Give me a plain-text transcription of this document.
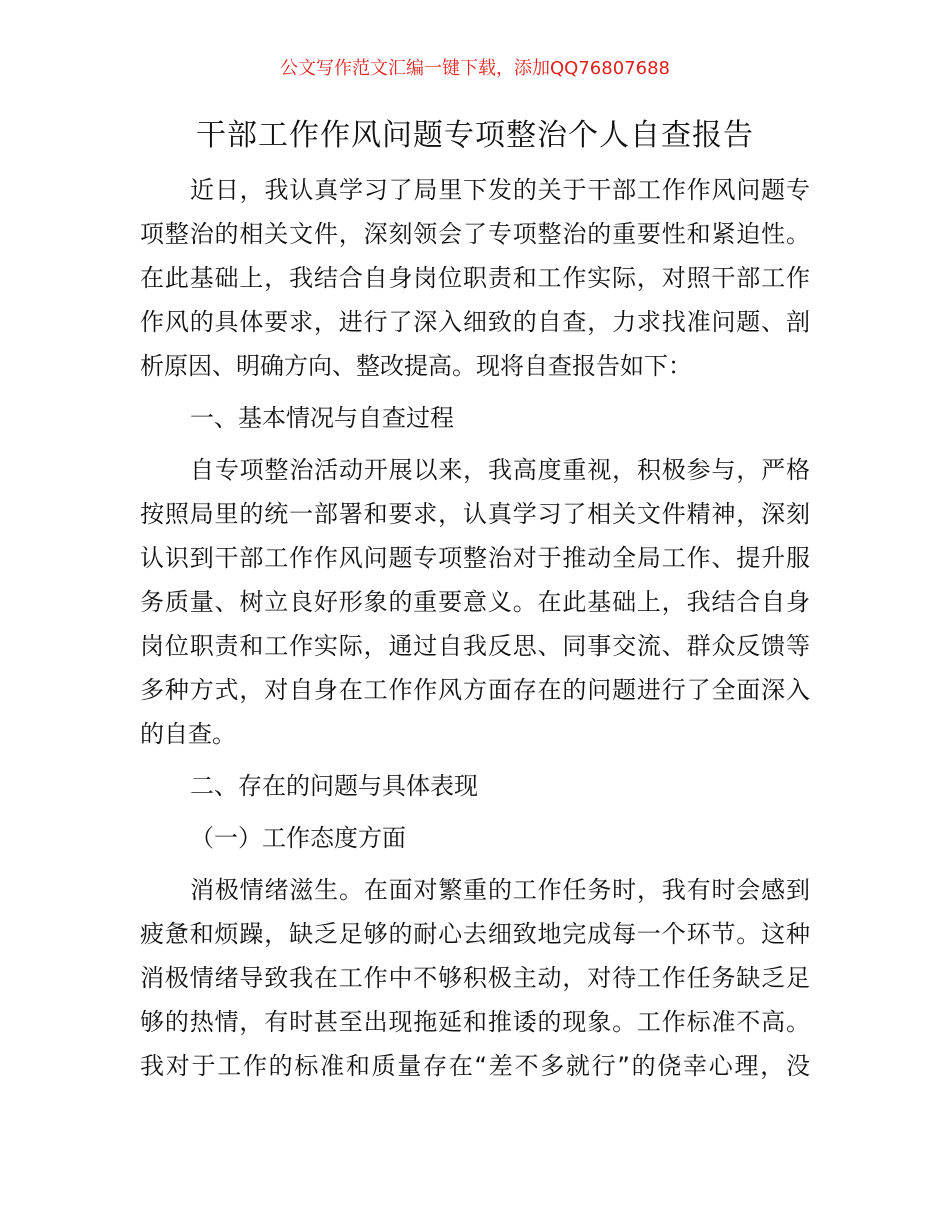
公文写作范文汇编一键下载，添加QQ76807688
干部工作作风问题专项整治个人自查报告
近日，我认真学习了局里下发的关于干部工作作风问题专
项整治的相关文件，深刻领会了专项整治的重要性和紧迫性。
在此基础上，我结合自身岗位职责和工作实际，对照干部工作
作风的具体要求，进行了深入细致的自查，力求找准问题、剖
析原因、明确方向、整改提高。现将自查报告如下：
一、基本情况与自查过程
自专项整治活动开展以来，我高度重视，积极参与，严格
按照局里的统一部署和要求，认真学习了相关文件精神，深刻
认识到干部工作作风问题专项整治对于推动全局工作、提升服
务质量、树立良好形象的重要意义。在此基础上，我结合自身
岗位职责和工作实际，通过自我反思、同事交流、群众反馈等
多种方式，对自身在工作作风方面存在的问题进行了全面深入
的自查。
二、存在的问题与具体表现
（一）工作态度方面
消极情绪滋生。在面对繁重的工作任务时，我有时会感到
疲惫和烦躁，缺乏足够的耐心去细致地完成每一个环节。这种
消极情绪导致我在工作中不够积极主动，对待工作任务缺乏足
够的热情，有时甚至出现拖延和推诿的现象。工作标准不高。
我对于工作的标准和质量存在“差不多就行”的侥幸心理，没
